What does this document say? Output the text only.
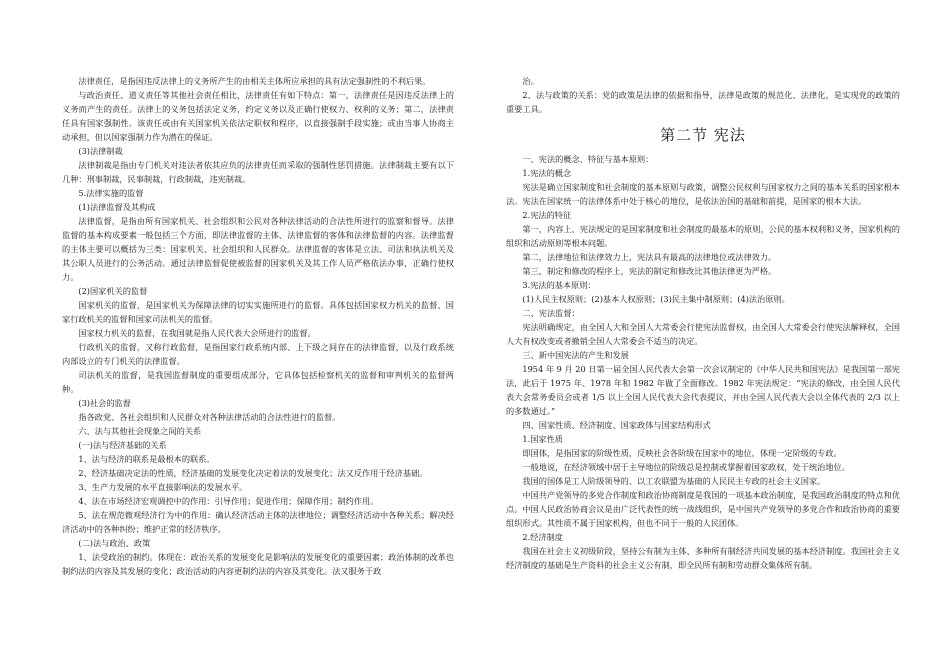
法律责任，是指因违反法律上的义务所产生的由相关主体所应承担的具有法定强制性的不利后果。

与政治责任、道义责任等其他社会责任相比，法律责任有如下特点：第一，法律责任是因违反法律上的义务而产生的责任。法律上的义务包括法定义务，约定义务以及正确行使权力、权利的义务；第二，法律责任具有国家强制性。该责任或由有关国家机关依法定职权和程序，以直接强制手段实施；或由当事人协商主动承担，但以国家强制力作为潜在的保证。

(3)法律制裁

法律制裁是指由专门机关对违法者依其应负的法律责任而采取的强制性惩罚措施。法律制裁主要有以下几种：刑事制裁，民事制裁，行政制裁，违宪制裁。

5.法律实施的监督

(1)法律监督及其构成

法律监督，是指由所有国家机关、社会组织和公民对各种法律活动的合法性所进行的监察和督导。法律监督的基本构成要素一般包括三个方面，即法律监督的主体、法律监督的客体和法律监督的内容。法律监督的主体主要可以概括为三类：国家机关、社会组织和人民群众。法律监督的客体是立法、司法和执法机关及其公职人员进行的公务活动。通过法律监督促使被监督的国家机关及其工作人员严格依法办事，正确行使权力。

(2)国家机关的监督

国家机关的监督，是国家机关为保障法律的切实实施所进行的监督。具体包括国家权力机关的监督、国家行政机关的监督和国家司法机关的监督。

国家权力机关的监督，在我国就是指人民代表大会所进行的监督。

行政机关的监督，又称行政监督，是指国家行政系统内部、上下级之间存在的法律监督，以及行政系统内部设立的专门机关的法律监督。

司法机关的监督，是我国监督制度的重要组成部分，它具体包括检察机关的监督和审判机关的监督两种。

(3)社会的监督

指各政党、各社会组织和人民群众对各种法律活动的合法性进行的监督。

六、法与其他社会现象之间的关系

(一)法与经济基础的关系

1、法与经济的联系是最根本的联系。

2、经济基础决定法的性质，经济基础的发展变化决定着法的发展变化；法又反作用于经济基础。

3、生产力发展的水平直接影响法的发展水平。

4、法在市场经济宏观调控中的作用：引导作用；促进作用；保障作用；制约作用。

5、法在规范微观经济行为中的作用：确认经济活动主体的法律地位；调整经济活动中各种关系；解决经济活动中的各种纠纷；维护正常的经济秩序。

(二)法与政治、政策

1、法受政治的制约。体现在：政治关系的发展变化是影响法的发展变化的重要因素；政治体制的改革也制约法的内容及其发展的变化；政治活动的内容更制约法的内容及其变化。法又服务于政

治。

2、法与政策的关系：党的政策是法律的依据和指导，法律是政策的规范化、法律化，是实现党的政策的重要工具。

第二节 宪法

一、宪法的概念、特征与基本原则：

1.宪法的概念

宪法是确立国家制度和社会制度的基本原则与政策，调整公民权利与国家权力之间的基本关系的国家根本法。宪法在国家统一的法律体系中处于核心的地位，是依法治国的基础和前提，是国家的根本大法。

2.宪法的特征

第一，内容上，宪法规定的是国家制度和社会制度的最基本的原则，公民的基本权利和义务，国家机构的组织和活动原则等根本问题。

第二，法律地位和法律效力上，宪法具有最高的法律地位或法律效力。

第三，制定和修改的程序上，宪法的制定和修改比其他法律更为严格。

3.宪法的基本原则：

(1)人民主权原则；(2)基本人权原则；(3)民主集中制原则；(4)法治原则。

二、宪法监督：

宪法明确规定，由全国人大和全国人大常委会行使宪法监督权，由全国人大常委会行使宪法解释权，全国人大有权改变或者撤销全国人大常委会不适当的决定。

三、新中国宪法的产生和发展

1954 年 9 月 20 日第一届全国人民代表大会第一次会议制定的《中华人民共和国宪法》是我国第一部宪法，此后于 1975 年、1978 年和 1982 年做了全面修改。1982 年宪法规定：“宪法的修改，由全国人民代表大会常务委员会或者 1/5 以上全国人民代表大会代表提议，并由全国人民代表大会以全体代表的 2/3 以上的多数通过。”

四、国家性质、经济制度、国家政体与国家结构形式

1.国家性质

即国体，是指国家的阶级性质，反映社会各阶级在国家中的地位，体现一定阶级的专政。

一般地说，在经济领域中居于主导地位的阶级总是控制或掌握着国家政权，处于统治地位。

我国的国体是工人阶级领导的、以工农联盟为基础的人民民主专政的社会主义国家。

中国共产党领导的多党合作制度和政治协商制度是我国的一项基本政治制度，是我国政治制度的特点和优点。中国人民政治协商会议是由广泛代表性的统一战线组织，是中国共产党领导的多党合作和政治协商的重要组织形式。其性质不属于国家机构，但也不同于一般的人民团体。

2.经济制度

我国在社会主义初级阶段，坚持公有制为主体、多种所有制经济共同发展的基本经济制度。我国社会主义经济制度的基础是生产资料的社会主义公有制，即全民所有制和劳动群众集体所有制。
